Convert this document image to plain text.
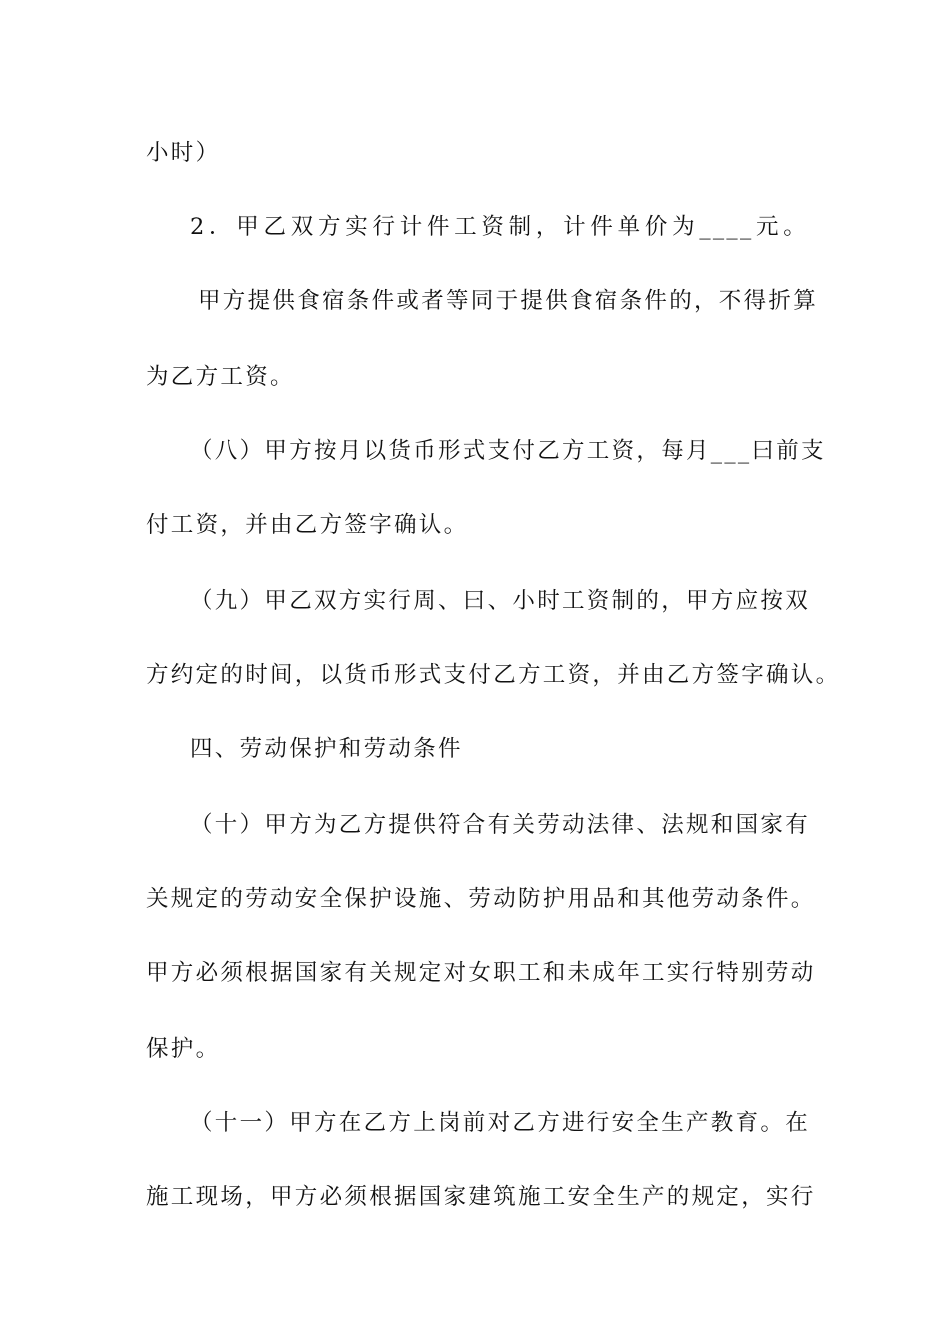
小时）
2．甲乙双方实行计件工资制，计件单价为____元。
甲方提供食宿条件或者等同于提供食宿条件的，不得折算
为乙方工资。
（八）甲方按月以货币形式支付乙方工资，每月___曰前支
付工资，并由乙方签字确认。
（九）甲乙双方实行周、曰、小时工资制的，甲方应按双
方约定的时间，以货币形式支付乙方工资，并由乙方签字确认。
四、劳动保护和劳动条件
（十）甲方为乙方提供符合有关劳动法律、法规和国家有
关规定的劳动安全保护设施、劳动防护用品和其他劳动条件。
甲方必须根据国家有关规定对女职工和未成年工实行特别劳动
保护。
（十一）甲方在乙方上岗前对乙方进行安全生产教育。在
施工现场，甲方必须根据国家建筑施工安全生产的规定，实行
